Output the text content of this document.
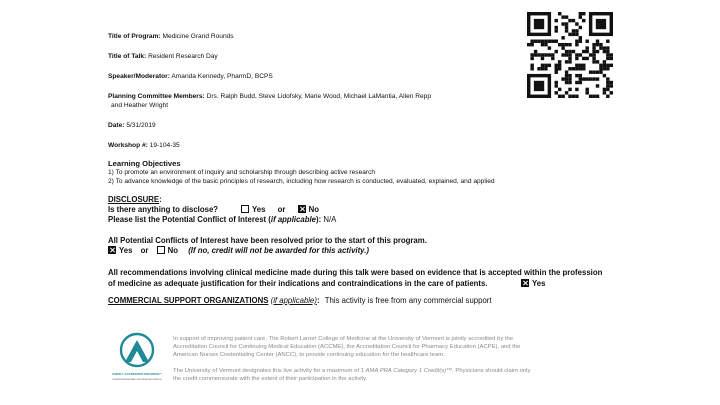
Title of Program: Medicine Grand Rounds
Title of Talk: Resident Research Day
Speaker/Moderator: Amanda Kennedy, PharmD, BCPS
Planning Committee Members: Drs. Ralph Budd, Steve Lidofsky, Marie Wood, Michael LaMantia, Allen Repp
and Heather Wright
Date: 5/31/2019
Workshop #: 19-104-35
Learning Objectives
1) To promote an environment of inquiry and scholarship through describing active research
2) To advance knowledge of the basic principles of research, including how research is conducted, evaluated, explained, and applied
DISCLOSURE:
Is there anything to disclose?	Yes or	No
Please list the Potential Conflict of Interest (if applicable): N/A
All Potential Conflicts of Interest have been resolved prior to the start of this program.
Yes or No (If no, credit will not be awarded for this activity.)
All recommendations involving clinical medicine made during this talk were based on evidence that is accepted within the profession
of medicine as adequate justification for their indications and contraindications in the care of patients.	Yes
COMMERCIAL SUPPORT ORGANIZATIONS (if applicable): This activity is free from any commercial support
JOINTLY ACCREDITED PROVIDER™
INTERPROFESSIONAL CONTINUING EDUCATION
In support of improving patient care, The Robert Larner College of Medicine at the University of Vermont is jointly accredited by the
Accreditation Council for Continuing Medical Education (ACCME), the Accreditation Council for Pharmacy Education (ACPE), and the
American Nurses Credentialing Center (ANCC), to provide continuing education for the healthcare team.
The University of Vermont designates this live activity for a maximum of 1 AMA PRA Category 1 Credit(s)™. Physicians should claim only
the credit commensurate with the extent of their participation in the activity.
